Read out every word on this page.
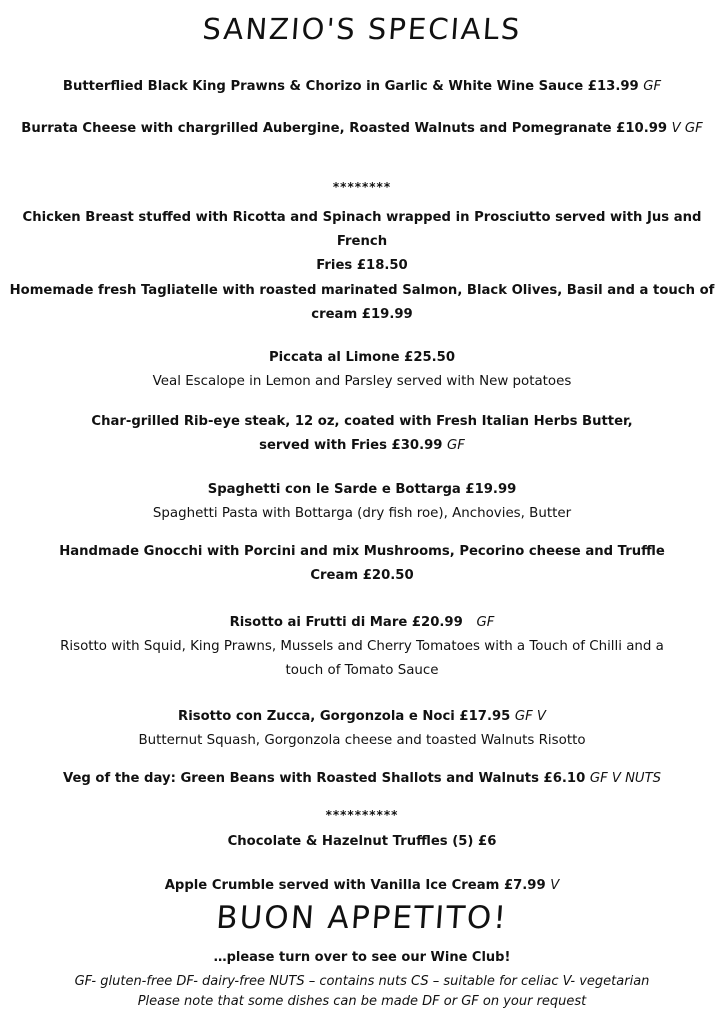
SANZIO'S SPECIALS
Butterflied Black King Prawns & Chorizo in Garlic & White Wine Sauce £13.99 GF
Burrata Cheese with chargrilled Aubergine, Roasted Walnuts and Pomegranate £10.99 V GF
********
Chicken Breast stuffed with Ricotta and Spinach wrapped in Prosciutto served with Jus and French
Fries £18.50
Homemade fresh Tagliatelle with roasted marinated Salmon, Black Olives, Basil and a touch of
cream £19.99
Piccata al Limone £25.50
Veal Escalope in Lemon and Parsley served with New potatoes
Char-grilled Rib-eye steak, 12 oz, coated with Fresh Italian Herbs Butter,
served with Fries £30.99 GF
Spaghetti con le Sarde e Bottarga £19.99
Spaghetti Pasta with Bottarga (dry fish roe), Anchovies, Butter
Handmade Gnocchi with Porcini and mix Mushrooms, Pecorino cheese and Truffle
Cream £20.50
Risotto ai Frutti di Mare £20.99 GF
Risotto with Squid, King Prawns, Mussels and Cherry Tomatoes with a Touch of Chilli and a
touch of Tomato Sauce
Risotto con Zucca, Gorgonzola e Noci £17.95 GF V
Butternut Squash, Gorgonzola cheese and toasted Walnuts Risotto
Veg of the day: Green Beans with Roasted Shallots and Walnuts £6.10 GF V NUTS
**********
Chocolate & Hazelnut Truffles (5) £6
Apple Crumble served with Vanilla Ice Cream £7.99 V
BUON APPETITO!
…please turn over to see our Wine Club!
GF- gluten-free DF- dairy-free NUTS – contains nuts CS – suitable for celiac V- vegetarian
Please note that some dishes can be made DF or GF on your request
